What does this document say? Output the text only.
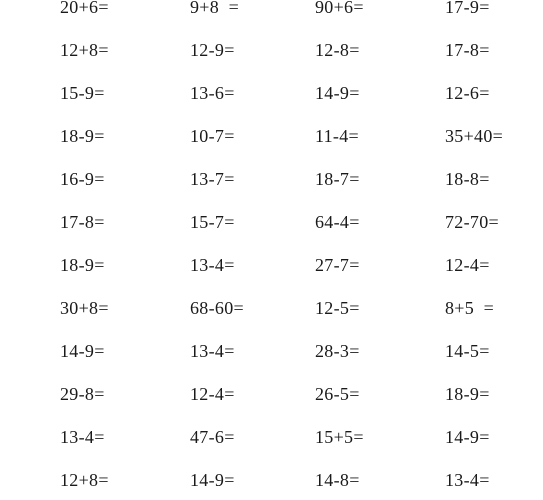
20+6=	9+8  =	90+6=	17-9=
12+8=	12-9=	12-8=	17-8=
15-9=	13-6=	14-9=	12-6=
18-9=	10-7=	11-4=	35+40=
16-9=	13-7=	18-7=	18-8=
17-8=	15-7=	64-4=	72-70=
18-9=	13-4=	27-7=	12-4=
30+8=	68-60=	12-5=	8+5  =
14-9=	13-4=	28-3=	14-5=
29-8=	12-4=	26-5=	18-9=
13-4=	47-6=	15+5=	14-9=
12+8=	14-9=	14-8=	13-4=
